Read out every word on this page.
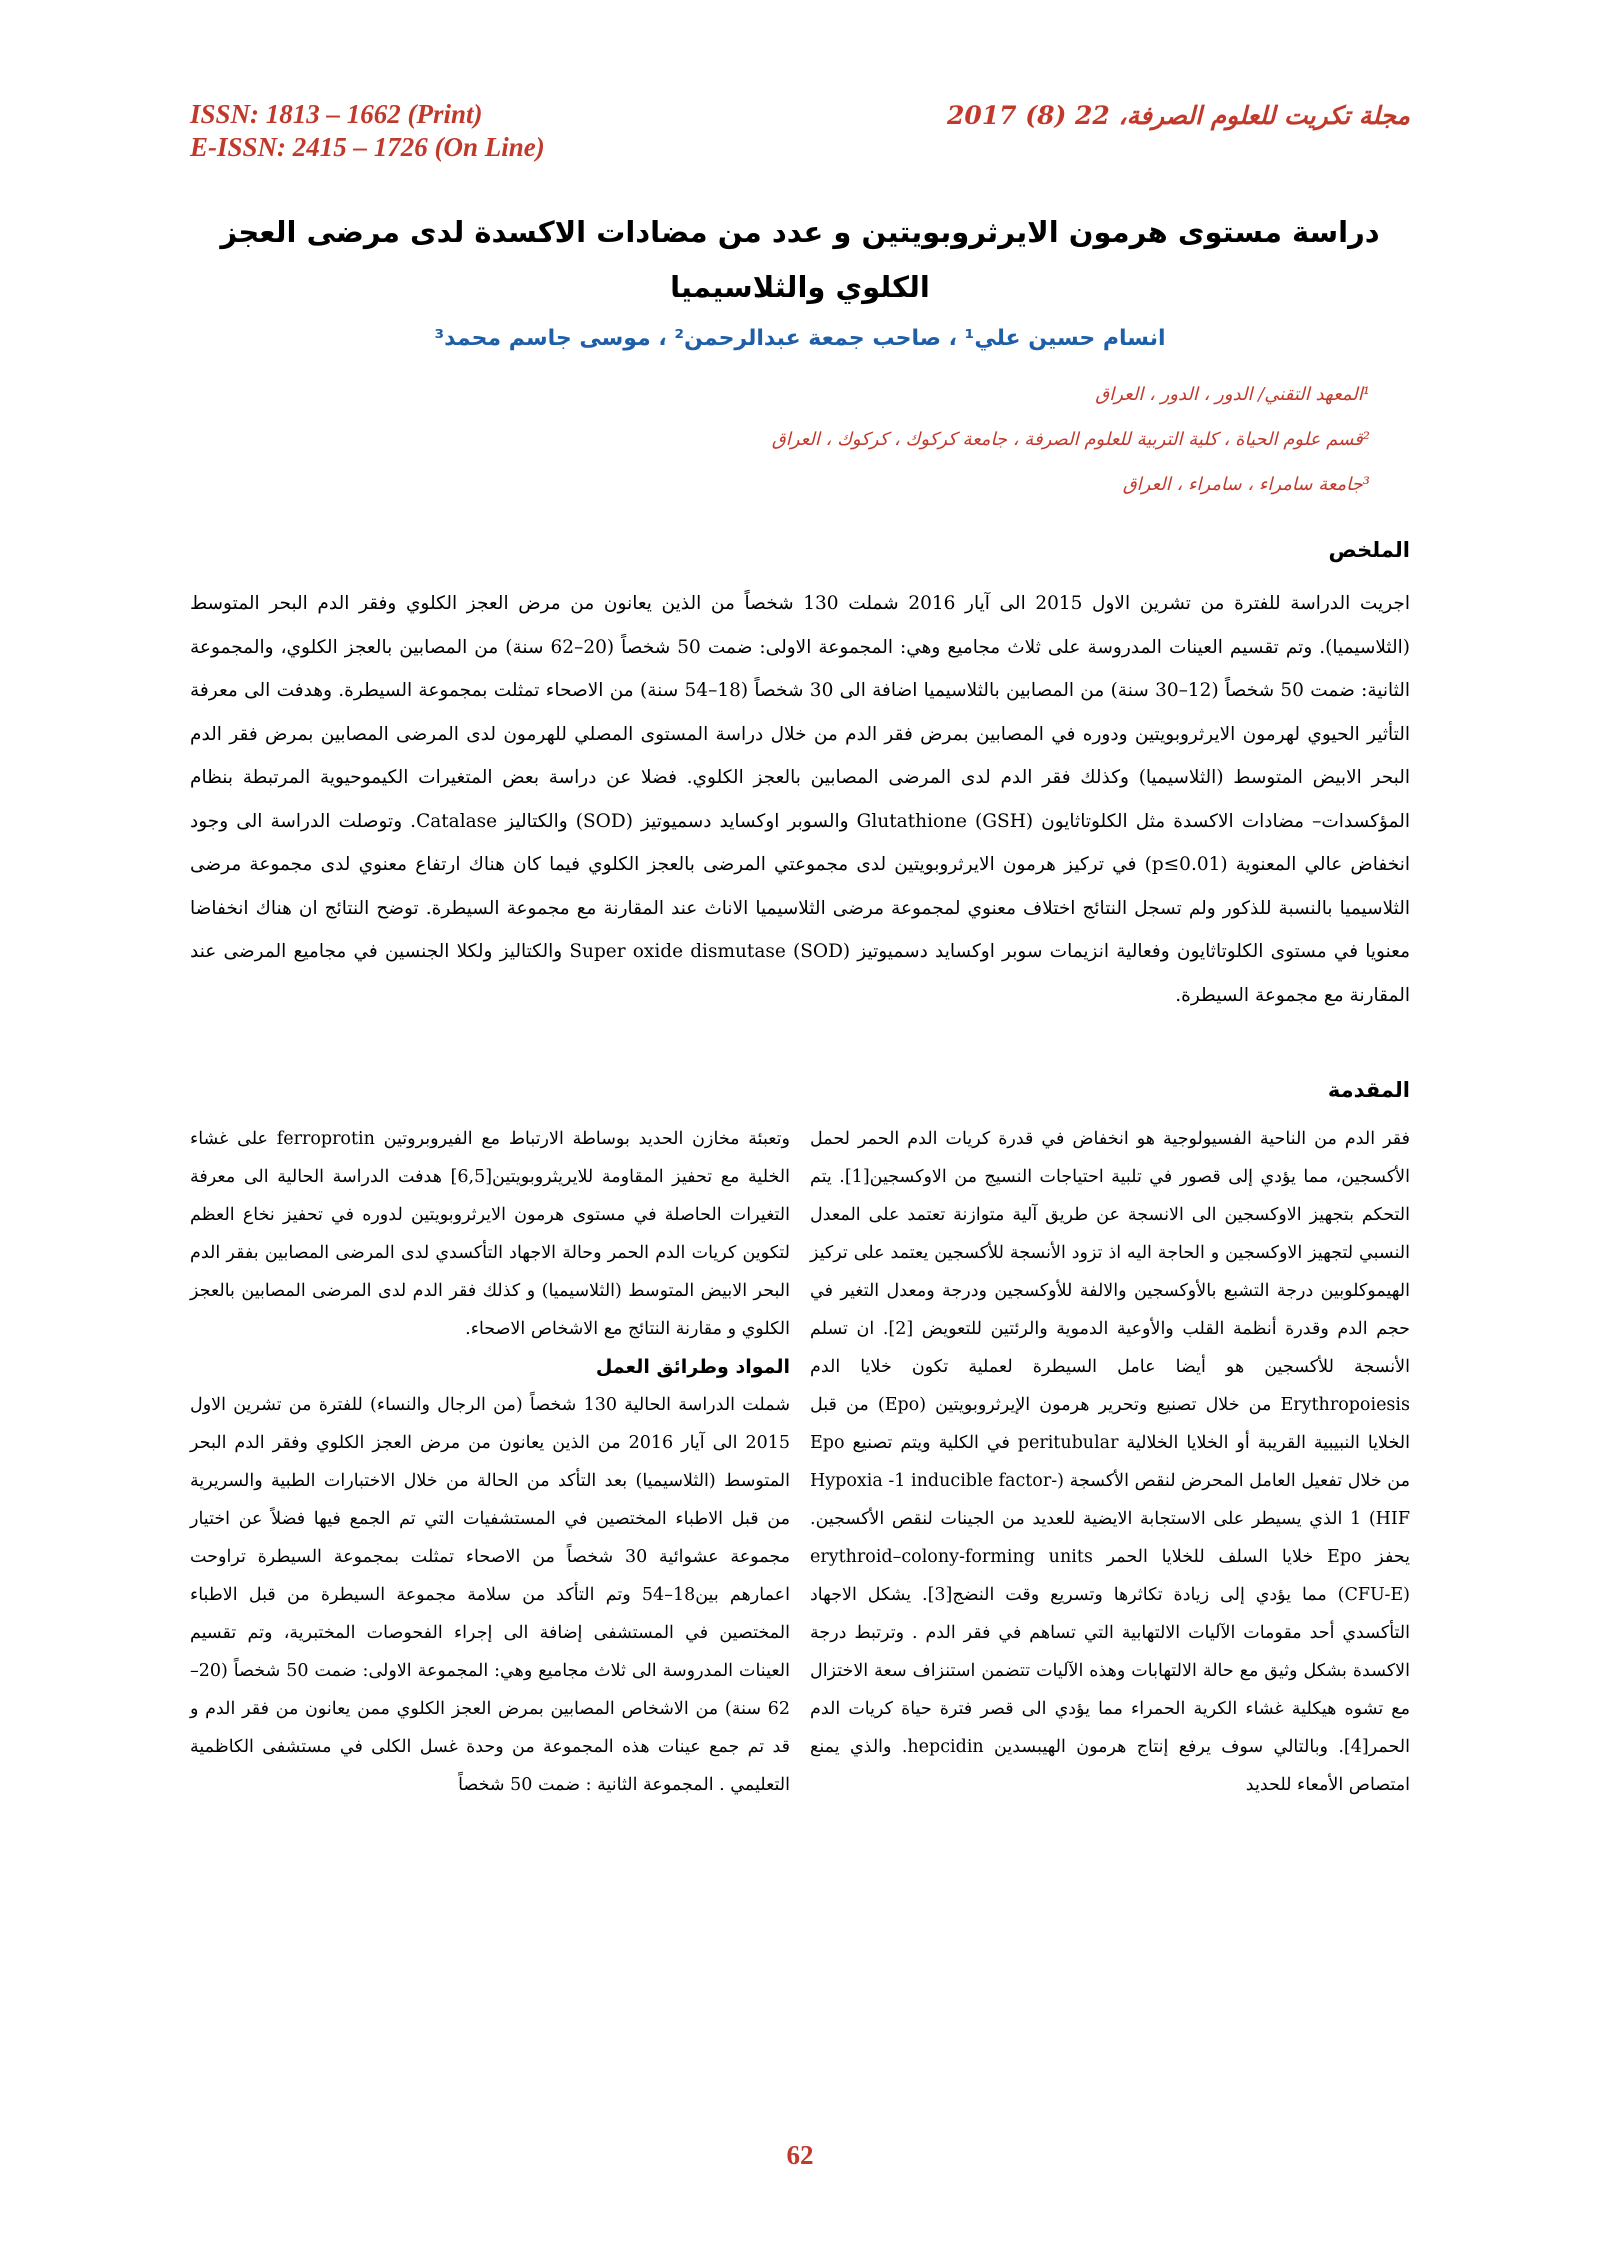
ISSN: 1813 – 1662 (Print)
E-ISSN: 2415 – 1726 (On Line)
مجلة تكريت للعلوم الصرفة، 22 (8) 2017
دراسة مستوى هرمون الايرثروبويتين و عدد من مضادات الاكسدة لدى مرضى العجز الكلوي والثلاسيميا
انسام حسين علي¹ ، صاحب جمعة عبدالرحمن² ، موسى جاسم محمد³
¹المعهد التقني/ الدور ، الدور ، العراق
²قسم علوم الحياة ، كلية التربية للعلوم الصرفة ، جامعة كركوك ، كركوك ، العراق
³جامعة سامراء ، سامراء ، العراق
الملخص
اجريت الدراسة للفترة من تشرين الاول 2015 الى آيار 2016 شملت 130 شخصاً من الذين يعانون من مرض العجز الكلوي وفقر الدم البحر المتوسط (الثلاسيميا). وتم تقسيم العينات المدروسة على ثلاث مجاميع وهي: المجموعة الاولى: ضمت 50 شخصاً (20–62 سنة) من المصابين بالعجز الكلوي، والمجموعة الثانية: ضمت 50 شخصاً (12–30 سنة) من المصابين بالثلاسيميا اضافة الى 30 شخصاً (18–54 سنة) من الاصحاء تمثلت بمجموعة السيطرة. وهدفت الى معرفة التأثير الحيوي لهرمون الايرثروبويتين ودوره في المصابين بمرض فقر الدم من خلال دراسة المستوى المصلي للهرمون لدى المرضى المصابين بمرض فقر الدم البحر الابيض المتوسط (الثلاسيميا) وكذلك فقر الدم لدى المرضى المصابين بالعجز الكلوي. فضلا عن دراسة بعض المتغيرات الكيموحيوية المرتبطة بنظام المؤكسدات– مضادات الاكسدة مثل الكلوتاثايون Glutathione (GSH) والسوبر اوكسايد دسميوتيز (SOD) والكتاليز Catalase. وتوصلت الدراسة الى وجود انخفاض عالي المعنوية (p≤0.01) في تركيز هرمون الايرثروبويتين لدى مجموعتي المرضى بالعجز الكلوي فيما كان هناك ارتفاع معنوي لدى مجموعة مرضى الثلاسيميا بالنسبة للذكور ولم تسجل النتائج اختلاف معنوي لمجموعة مرضى الثلاسيميا الاناث عند المقارنة مع مجموعة السيطرة. توضح النتائج ان هناك انخفاضا معنويا في مستوى الكلوتاثايون وفعالية انزيمات سوبر اوكسايد دسميوتيز Super oxide dismutase (SOD) والكتاليز ولكلا الجنسين في مجاميع المرضى عند المقارنة مع مجموعة السيطرة.
المقدمة

فقر الدم من الناحية الفسيولوجية هو انخفاض في قدرة كريات الدم الحمر لحمل الأكسجين، مما يؤدي إلى قصور في تلبية احتياجات النسيج من الاوكسجين[1]. يتم التحكم بتجهيز الاوكسجين الى الانسجة عن طريق آلية متوازنة تعتمد على المعدل النسبي لتجهيز الاوكسجين و الحاجة اليه اذ تزود الأنسجة للأكسجين يعتمد على تركيز الهيموكلوبين درجة التشبع بالأوكسجين والالفة للأوكسجين ودرجة ومعدل التغير في حجم الدم وقدرة أنظمة القلب والأوعية الدموية والرئتين للتعويض [2]. ان تسلم الأنسجة للأكسجين هو أيضا عامل السيطرة لعملية تكون خلايا الدم Erythropoiesis من خلال تصنيع وتحرير هرمون الإيرثروبويتين (Epo) من قبل الخلايا النبيبية القريبة أو الخلايا الخلالية peritubular في الكلية ويتم تصنيع Epo من خلال تفعيل العامل المحرض لنقص الأكسجة (Hypoxia -1 inducible factor-1 (HIF الذي يسيطر على الاستجابة الايضية للعديد من الجينات لنقص الأكسجين. يحفز Epo خلايا السلف للخلايا الحمر erythroid–colony-forming units (CFU-E) مما يؤدي إلى زيادة تكاثرها وتسريع وقت النضج[3]. يشكل الاجهاد التأكسدي أحد مقومات الآليات الالتهابية التي تساهم في فقر الدم . وترتبط درجة الاكسدة بشكل وثيق مع حالة الالتهابات وهذه الآليات تتضمن استنزاف سعة الاختزال مع تشوه هيكلية غشاء الكرية الحمراء مما يؤدي الى قصر فترة حياة كريات الدم الحمر[4]. وبالتالي سوف يرفع إنتاج هرمون الهيبسدين hepcidin. والذي يمنع امتصاص الأمعاء للحديد

وتعبئة مخازن الحديد بوساطة الارتباط مع الفيروبروتين ferroprotin على غشاء الخلية مع تحفيز المقاومة للايريثروبويتين[6,5] هدفت الدراسة الحالية الى معرفة التغيرات الحاصلة في مستوى هرمون الايرثروبويتين لدوره في تحفيز نخاع العظم لتكوين كريات الدم الحمر وحالة الاجهاد التأكسدي لدى المرضى المصابين بفقر الدم البحر الابيض المتوسط (الثلاسيميا) و كذلك فقر الدم لدى المرضى المصابين بالعجز الكلوي و مقارنة النتائج مع الاشخاص الاصحاء.

المواد وطرائق العمل

شملت الدراسة الحالية 130 شخصاً (من الرجال والنساء) للفترة من تشرين الاول 2015 الى آيار 2016 من الذين يعانون من مرض العجز الكلوي وفقر الدم البحر المتوسط (الثلاسيميا) بعد التأكد من الحالة من خلال الاختبارات الطبية والسريرية من قبل الاطباء المختصين في المستشفيات التي تم الجمع فيها فضلاً عن اختيار مجموعة عشوائية 30 شخصاً من الاصحاء تمثلت بمجموعة السيطرة تراوحت اعمارهم بين18–54 وتم التأكد من سلامة مجموعة السيطرة من قبل الاطباء المختصين في المستشفى إضافة الى إجراء الفحوصات المختبرية، وتم تقسيم العينات المدروسة الى ثلاث مجاميع وهي: المجموعة الاولى: ضمت 50 شخصاً (20–62 سنة) من الاشخاص المصابين بمرض العجز الكلوي ممن يعانون من فقر الدم و قد تم جمع عينات هذه المجموعة من وحدة غسل الكلى في مستشفى الكاظمية التعليمي . المجموعة الثانية : ضمت 50 شخصاً

62
